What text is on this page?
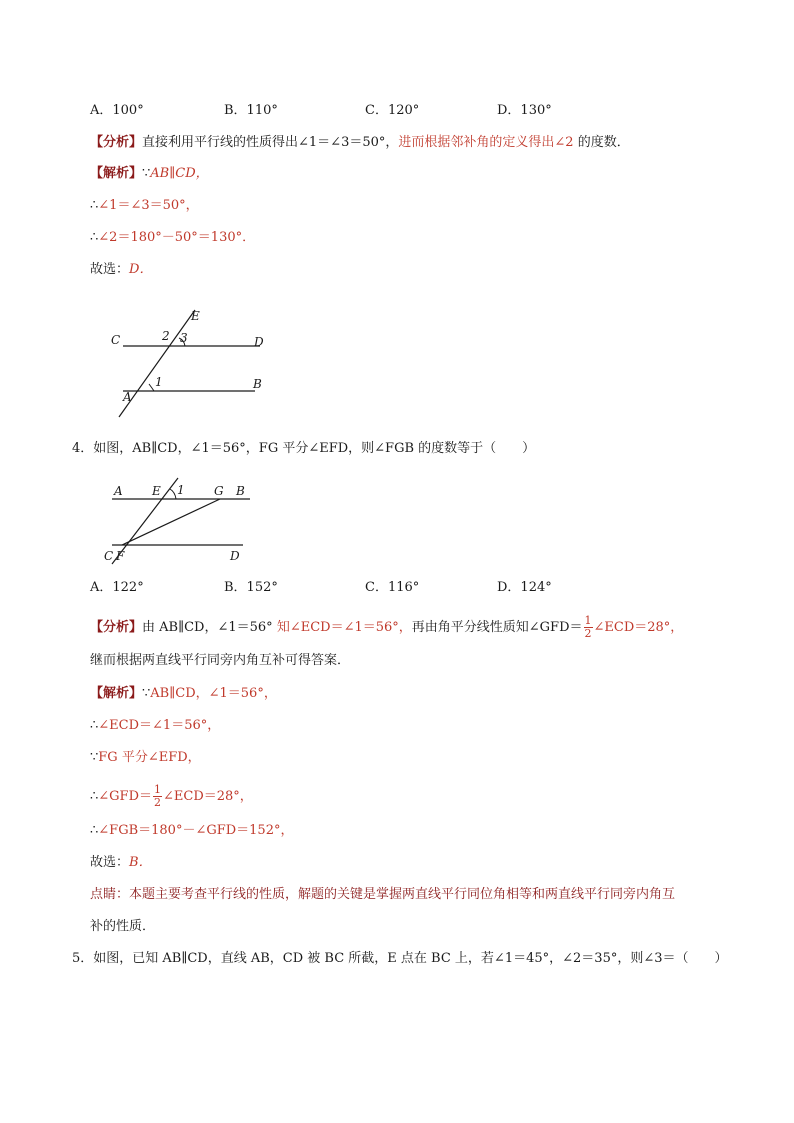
A．100°	B．110°	C．120°	D．130°
【分析】直接利用平行线的性质得出∠1＝∠3＝50°，进而根据邻补角的定义得出∠2 的度数．
【解析】∵AB∥CD，
∴∠1＝∠3＝50°，
∴∠2＝180°－50°＝130°．
故选：D．
E
C	2 3	D
1	B
A
4．如图，AB∥CD，∠1＝56°，FG 平分∠EFD，则∠FGB 的度数等于（　　）
A E 1 G B
C F	D
A．122°	B．152°	C．116°	D．124°
【分析】由 AB∥CD，∠1＝56° 知∠ECD＝∠1＝56°，再由角平分线性质知∠GFD＝ $\frac{1}{2}$ ∠ECD＝28°，
继而根据两直线平行同旁内角互补可得答案．
【解析】∵AB∥CD，∠1＝56°，
∴∠ECD＝∠1＝56°，
∵FG 平分∠EFD，
∴∠GFD＝ $\frac{1}{2}$ ∠ECD＝28°，
∴∠FGB＝180°－∠GFD＝152°，
故选：B．
点睛：本题主要考查平行线的性质，解题的关键是掌握两直线平行同位角相等和两直线平行同旁内角互
补的性质．
5．如图，已知 AB∥CD，直线 AB，CD 被 BC 所截，E 点在 BC 上，若∠1＝45°，∠2＝35°，则∠3＝（　　）
